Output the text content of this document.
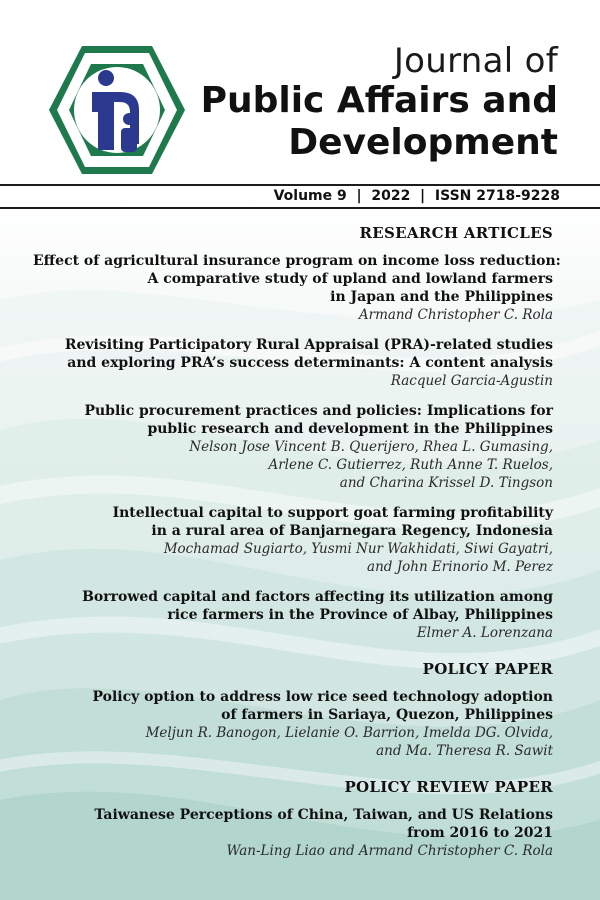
Journal of
Public Affairs and
Development
Volume 9  |  2022  |  ISSN 2718-9228
RESEARCH ARTICLES
Effect of agricultural insurance program on income loss reduction:
A comparative study of upland and lowland farmers
in Japan and the Philippines
Armand Christopher C. Rola
Revisiting Participatory Rural Appraisal (PRA)-related studies
and exploring PRA’s success determinants: A content analysis
Racquel Garcia-Agustin
Public procurement practices and policies: Implications for
public research and development in the Philippines
Nelson Jose Vincent B. Querijero, Rhea L. Gumasing,
Arlene C. Gutierrez, Ruth Anne T. Ruelos,
and Charina Krissel D. Tingson
Intellectual capital to support goat farming profitability
in a rural area of Banjarnegara Regency, Indonesia
Mochamad Sugiarto, Yusmi Nur Wakhidati, Siwi Gayatri,
and John Erinorio M. Perez
Borrowed capital and factors affecting its utilization among
rice farmers in the Province of Albay, Philippines
Elmer A. Lorenzana
POLICY PAPER
Policy option to address low rice seed technology adoption
of farmers in Sariaya, Quezon, Philippines
Meljun R. Banogon, Lielanie O. Barrion, Imelda DG. Olvida,
and Ma. Theresa R. Sawit
POLICY REVIEW PAPER
Taiwanese Perceptions of China, Taiwan, and US Relations
from 2016 to 2021
Wan-Ling Liao and Armand Christopher C. Rola
